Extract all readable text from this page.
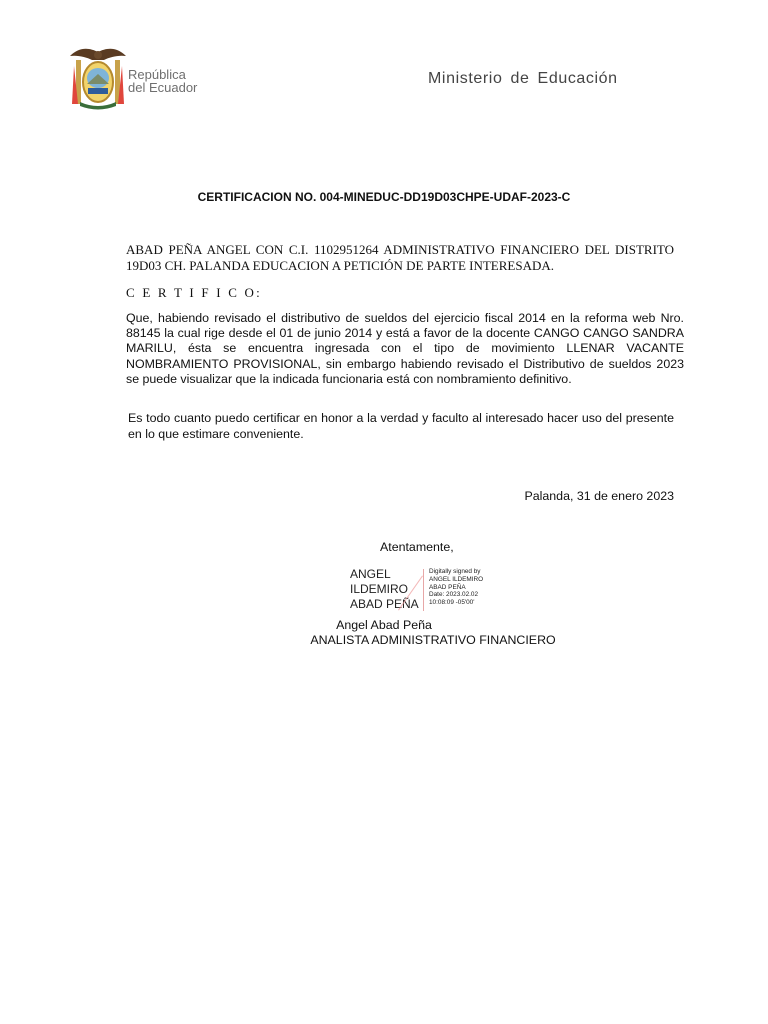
República
del Ecuador
Ministerio de Educación
CERTIFICACION NO. 004-MINEDUC-DD19D03CHPE-UDAF-2023-C
ABAD PEÑA ANGEL CON C.I. 1102951264 ADMINISTRATIVO FINANCIERO DEL DISTRITO 19D03 CH. PALANDA EDUCACION A PETICIÓN DE PARTE INTERESADA.
C E R T I F I C O:
Que, habiendo revisado el distributivo de sueldos del ejercicio fiscal 2014 en la reforma web Nro. 88145 la cual rige desde el 01 de junio 2014 y está a favor de la docente CANGO CANGO SANDRA MARILU, ésta se encuentra ingresada con el tipo de movimiento LLENAR VACANTE NOMBRAMIENTO PROVISIONAL, sin embargo habiendo revisado el Distributivo de sueldos 2023 se puede visualizar que la indicada funcionaria está con nombramiento definitivo.
Es todo cuanto puedo certificar en honor a la verdad y faculto al interesado hacer uso del presente en lo que estimare conveniente.
Palanda, 31 de enero 2023
Atentamente,
ANGEL
ILDEMIRO
ABAD PEÑA
Digitally signed by
ANGEL ILDEMIRO
ABAD PEÑA
Date: 2023.02.02
10:08:09 -05'00'
Angel Abad Peña
ANALISTA ADMINISTRATIVO FINANCIERO
